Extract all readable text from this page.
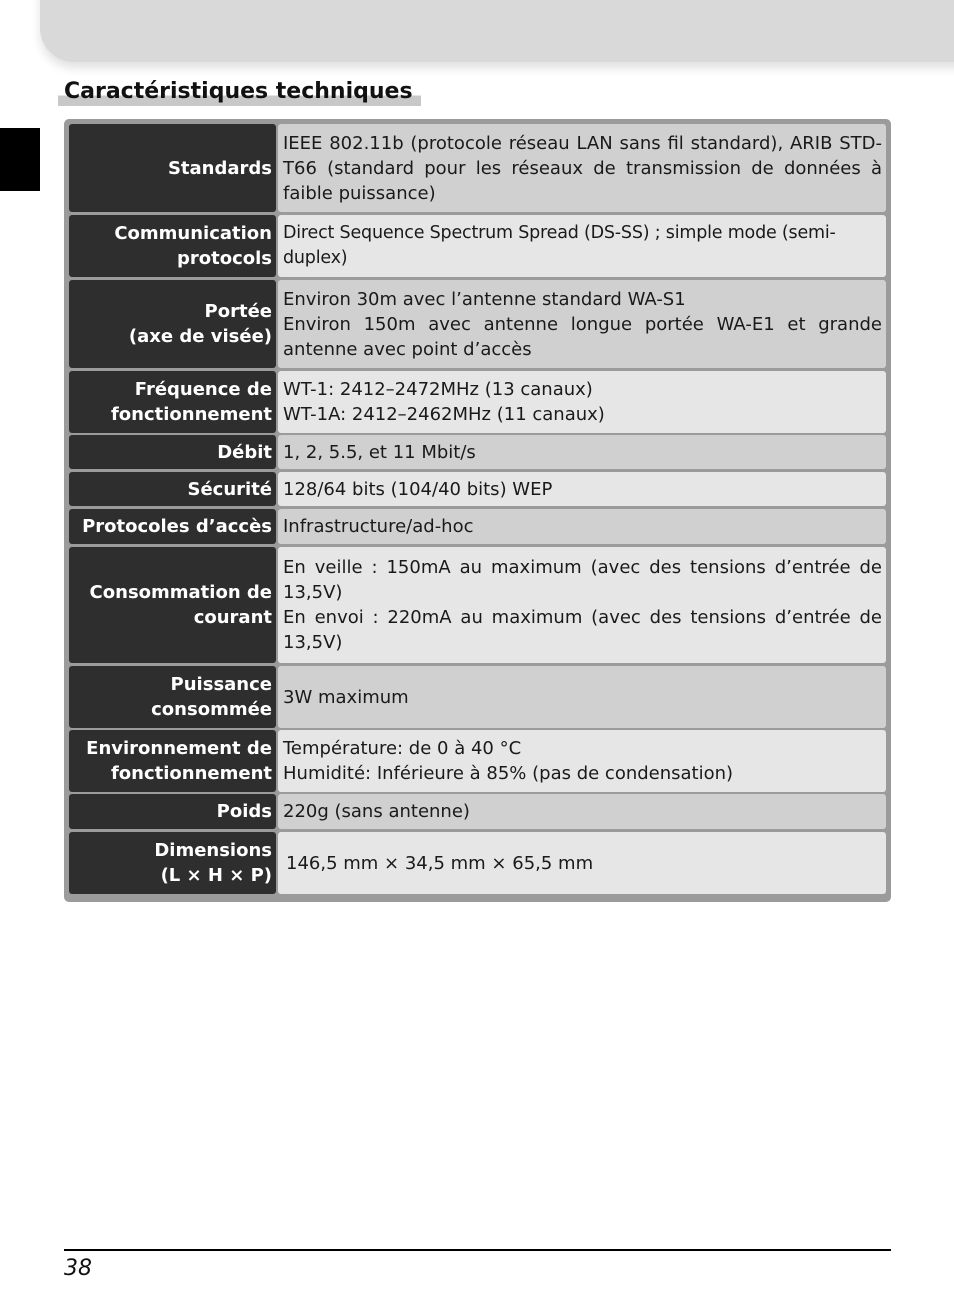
Caractéristiques techniques
Standards
IEEE 802.11b (protocole réseau LAN sans fil standard), ARIB STD-T66 (standard pour les réseaux de transmission de données à faible puissance)
Communication
protocols
Direct Sequence Spectrum Spread (DS-SS) ; simple mode (semi-duplex)
Portée
(axe de visée)
Environ 30m avec l’antenne standard WA-S1
Environ 150m avec antenne longue portée WA-E1 et grande antenne avec point d’accès
Fréquence de
fonctionnement
WT-1: 2412–2472MHz (13 canaux)
WT-1A: 2412–2462MHz (11 canaux)
Débit 1, 2, 5.5, et 11 Mbit/s
Sécurité 128/64 bits (104/40 bits) WEP
Protocoles d’accès Infrastructure/ad-hoc
Consommation de
courant
En veille : 150mA au maximum (avec des tensions d’entrée de 13,5V)
En envoi : 220mA au maximum (avec des tensions d’entrée de 13,5V)
Puissance
consommée
3W maximum
Environnement de
fonctionnement
Température: de 0 à 40 °C
Humidité: Inférieure à 85% (pas de condensation)
Poids 220g (sans antenne)
Dimensions
(L × H × P)
146,5 mm × 34,5 mm × 65,5 mm
38
